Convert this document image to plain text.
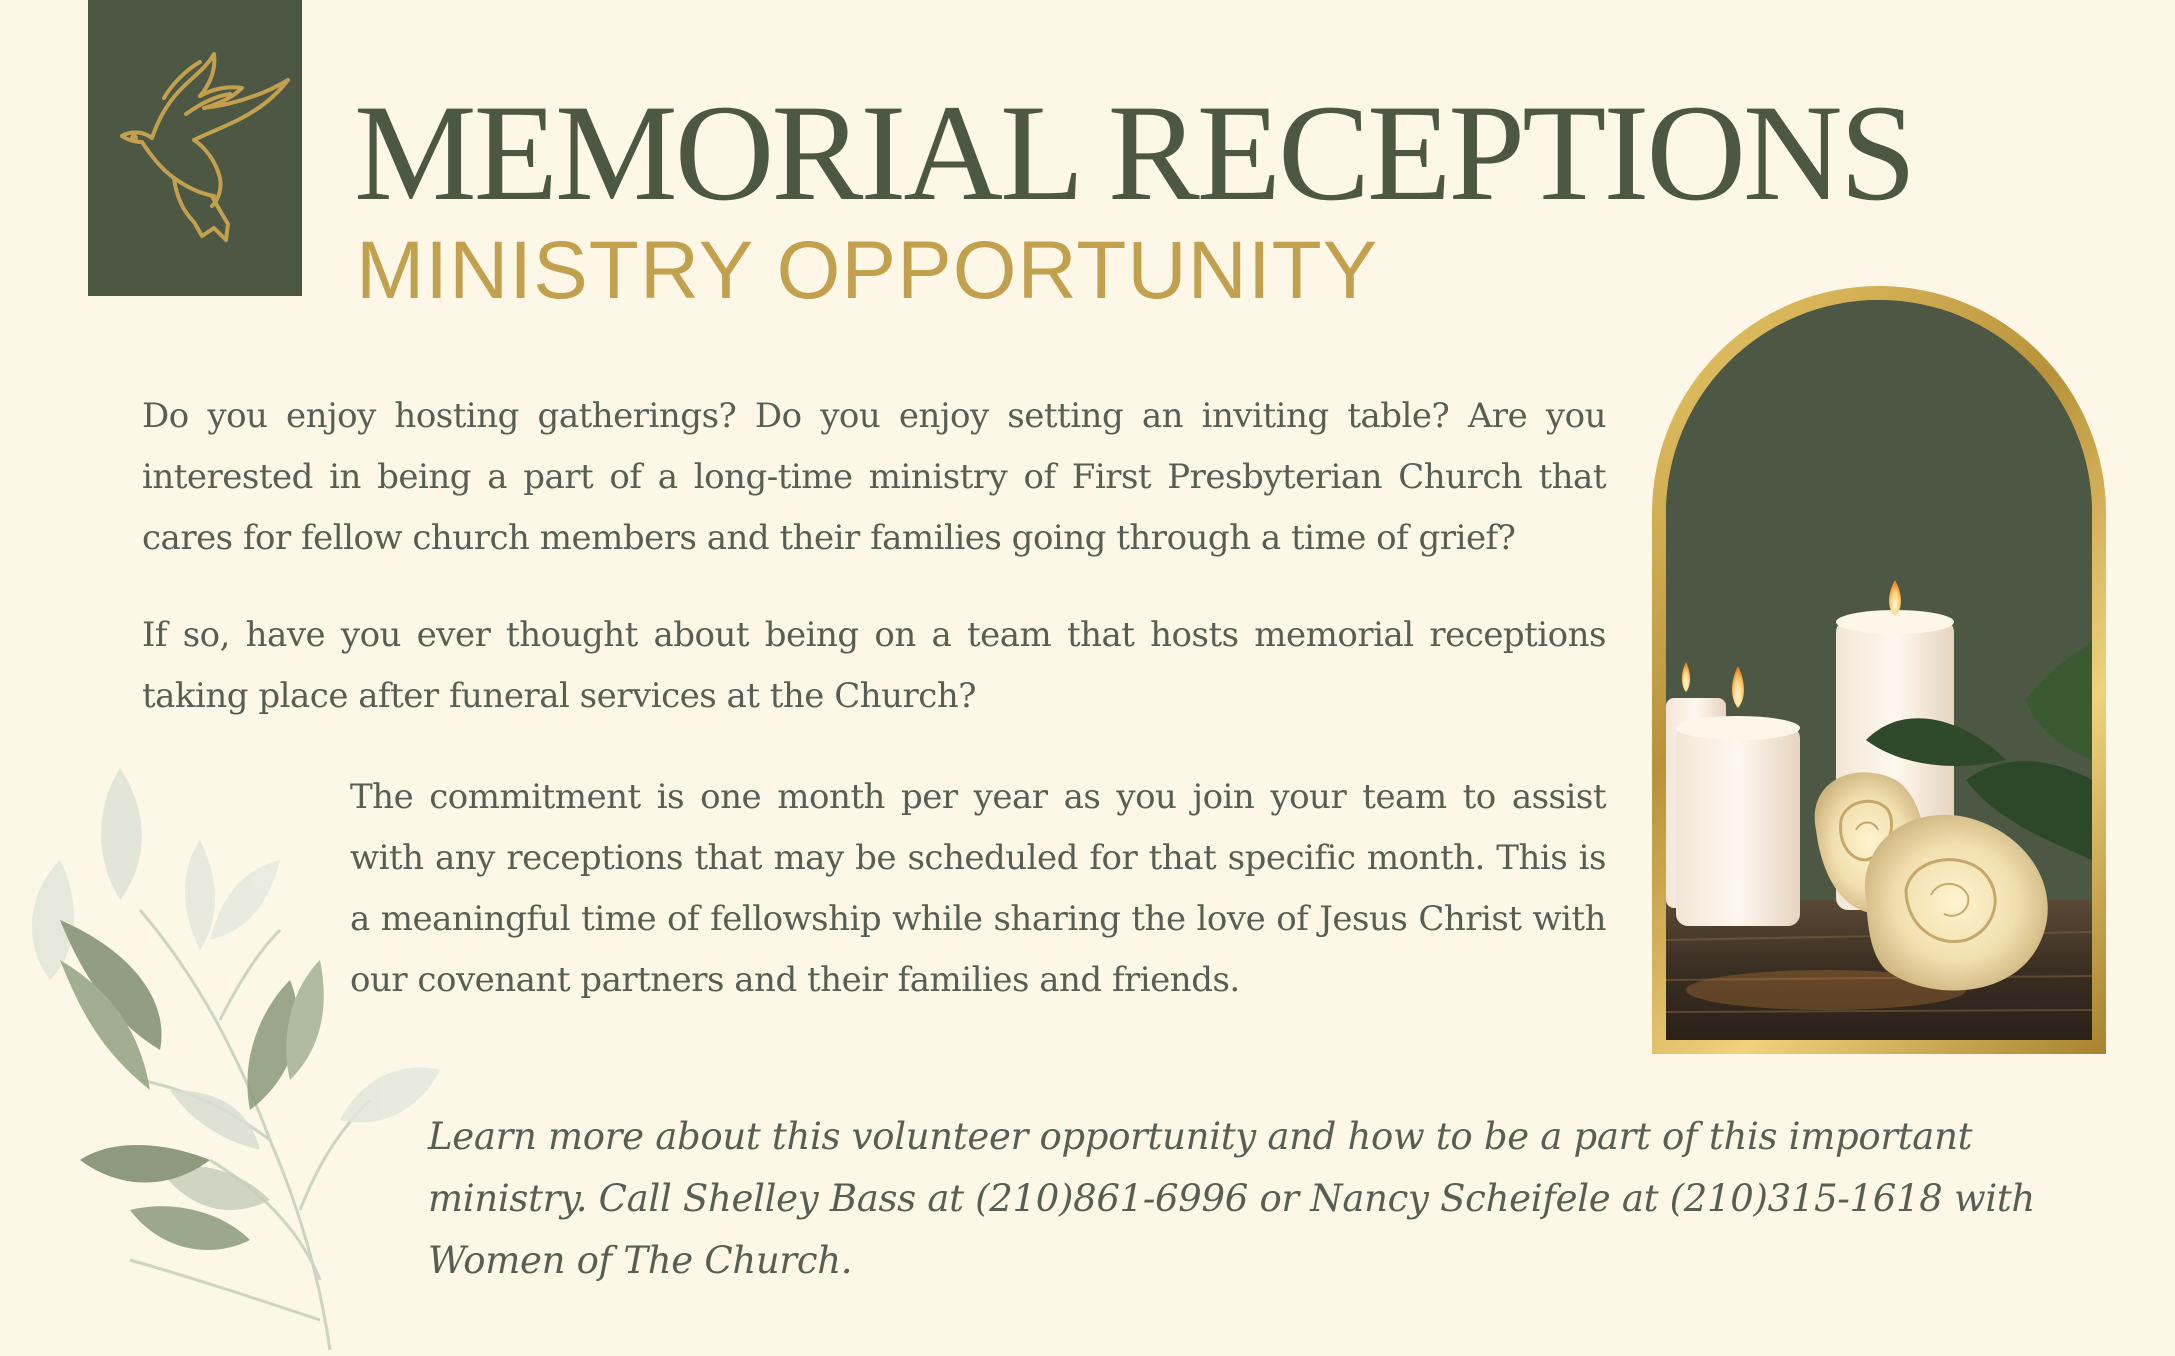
MEMORIAL RECEPTIONS
MINISTRY OPPORTUNITY

Do you enjoy hosting gatherings? Do you enjoy setting an inviting table? Are you interested in being a part of a long-time ministry of First Presbyterian Church that cares for fellow church members and their families going through a time of grief?

If so, have you ever thought about being on a team that hosts memorial receptions taking place after funeral services at the Church?

The commitment is one month per year as you join your team to assist with any receptions that may be scheduled for that specific month. This is a meaningful time of fellowship while sharing the love of Jesus Christ with our covenant partners and their families and friends.

Learn more about this volunteer opportunity and how to be a part of this important ministry. Call Shelley Bass at (210)861-6996 or Nancy Scheifele at (210)315-1618 with Women of The Church.
